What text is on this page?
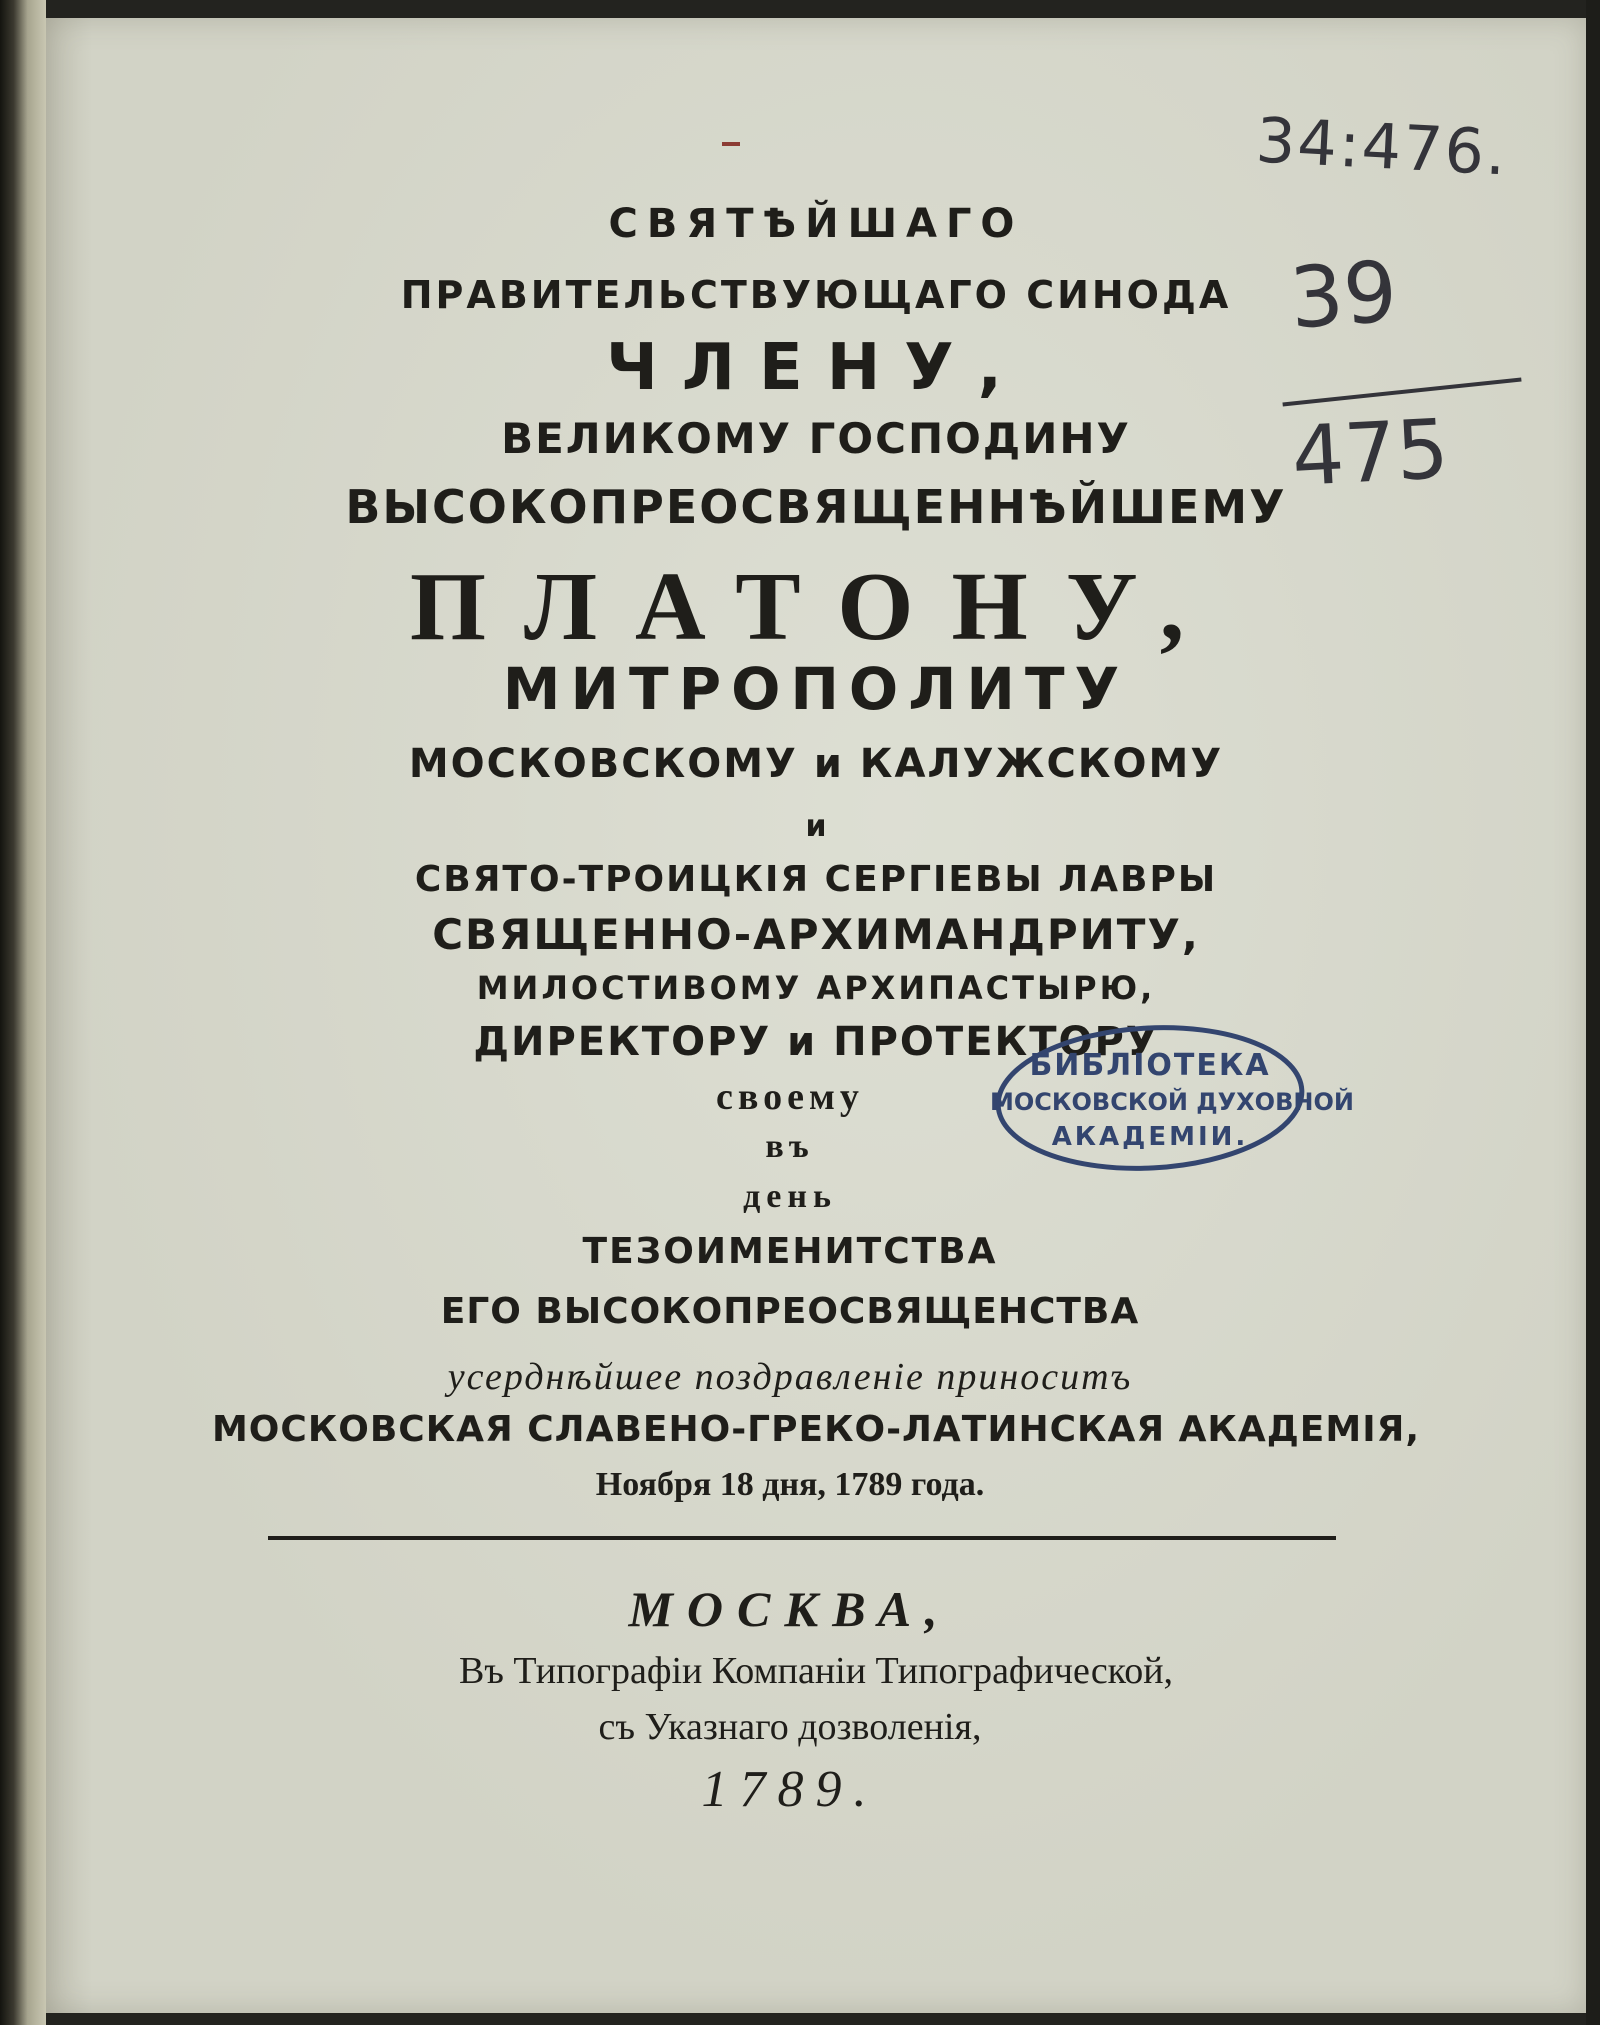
СВЯТѢЙШАГО
ПРАВИТЕЛЬСТВУЮЩАГО СИНОДА
ЧЛЕНУ,
ВЕЛИКОМУ ГОСПОДИНУ
ВЫСОКОПРЕОСВЯЩЕННѢЙШЕМУ
ПЛАТОНУ,
МИТРОПОЛИТУ
МОСКОВСКОМУ и КАЛУЖСКОМУ
и
СВЯТО-ТРОИЦКІЯ СЕРГІЕВЫ ЛАВРЫ
СВЯЩЕННО-АРХИМАНДРИТУ,
МИЛОСТИВОМУ АРХИПАСТЫРЮ,
ДИРЕКТОРУ и ПРОТЕКТОРУ
своему
въ
день
ТЕЗОИМЕНИТСТВА
ЕГО ВЫСОКОПРЕОСВЯЩЕНСТВА
усерднѣйшее поздравленіе приноситъ
МОСКОВСКАЯ СЛАВЕНО-ГРЕКО-ЛАТИНСКАЯ АКАДЕМІЯ,
Ноября 18 дня, 1789 года.
МОСКВА,
Въ Типографіи Компаніи Типографической,
съ Указнаго дозволенія,
1789.
34:476.
39
475
БИБЛІОТЕКА
МОСКОВСКОЙ ДУХОВНОЙ
АКАДЕМІИ.
